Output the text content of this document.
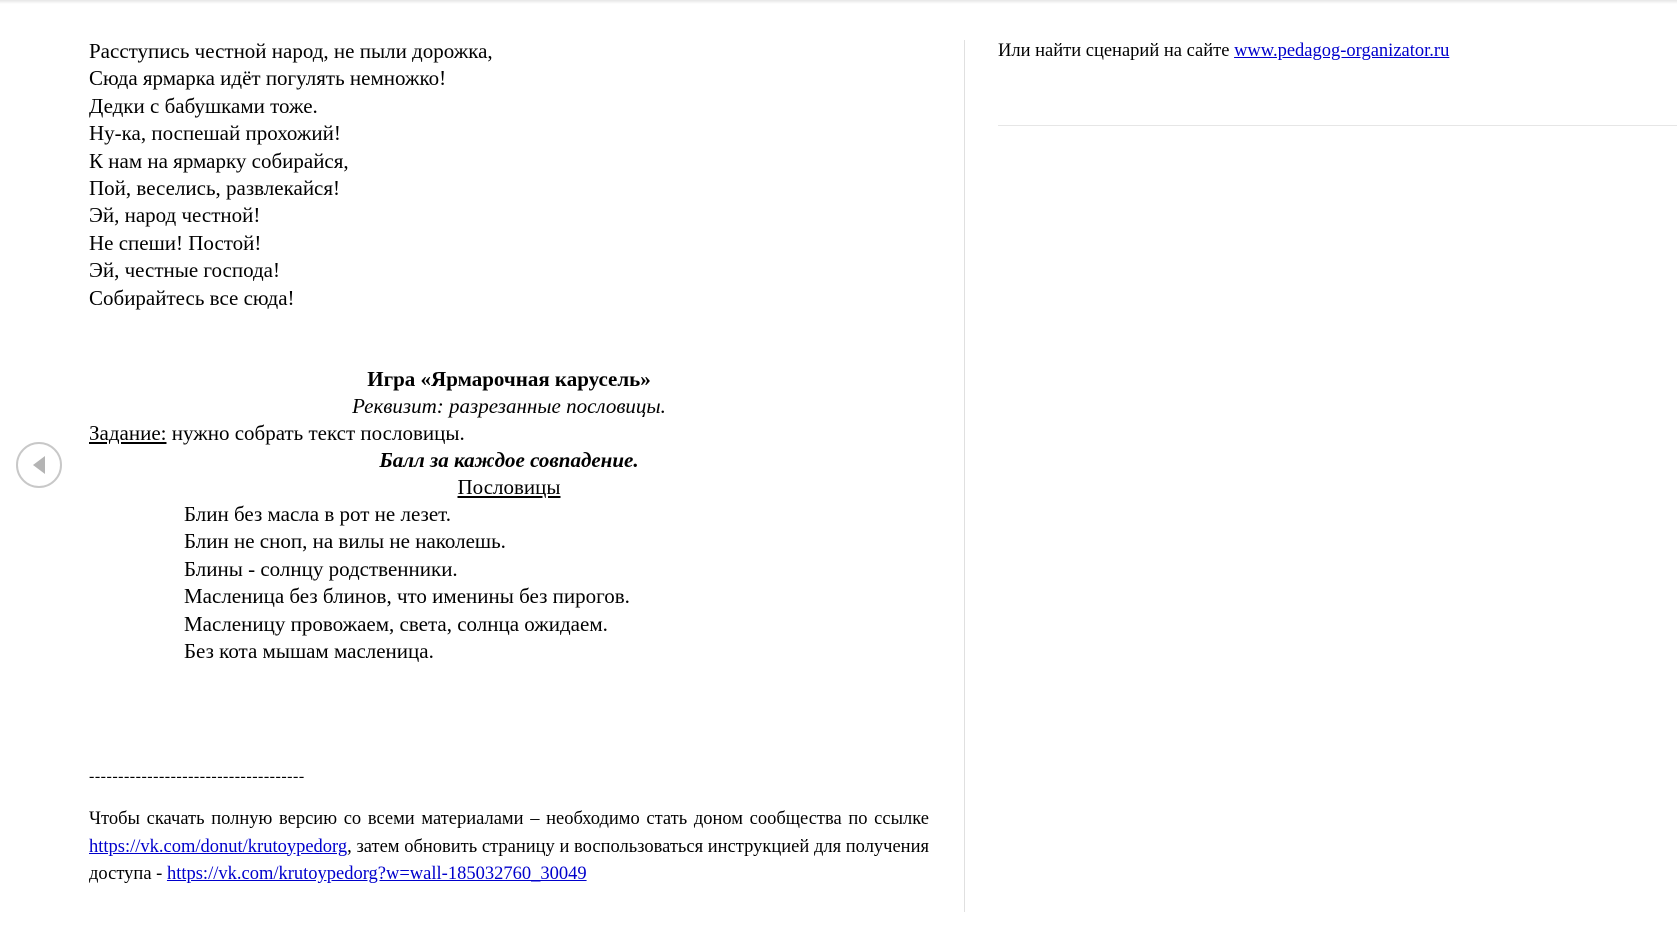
Расступись честной народ, не пыли дорожка,
Сюда ярмарка идёт погулять немножко!
Дедки с бабушками тоже.
Ну-ка, поспешай прохожий!
К нам на ярмарку собирайся,
Пой, веселись, развлекайся!
Эй, народ честной!
Не спеши! Постой!
Эй, честные господа!
Собирайтесь все сюда!
Игра «Ярмарочная карусель»
Реквизит: разрезанные пословицы.
Задание: нужно собрать текст пословицы.
Балл за каждое совпадение.
Пословицы
Блин без масла в рот не лезет.
Блин не сноп, на вилы не наколешь.
Блины - солнцу родственники.
Масленица без блинов, что именины без пирогов.
Масленицу провожаем, света, солнца ожидаем.
Без кота мышам масленица.
-------------------------------------
Чтобы скачать полную версию со всеми материалами – необходимо стать доном сообщества по ссылке https://vk.com/donut/krutoypedorg, затем обновить страницу и воспользоваться инструкцией для получения доступа - https://vk.com/krutoypedorg?w=wall-185032760_30049
Или найти сценарий на сайте www.pedagog-organizator.ru
